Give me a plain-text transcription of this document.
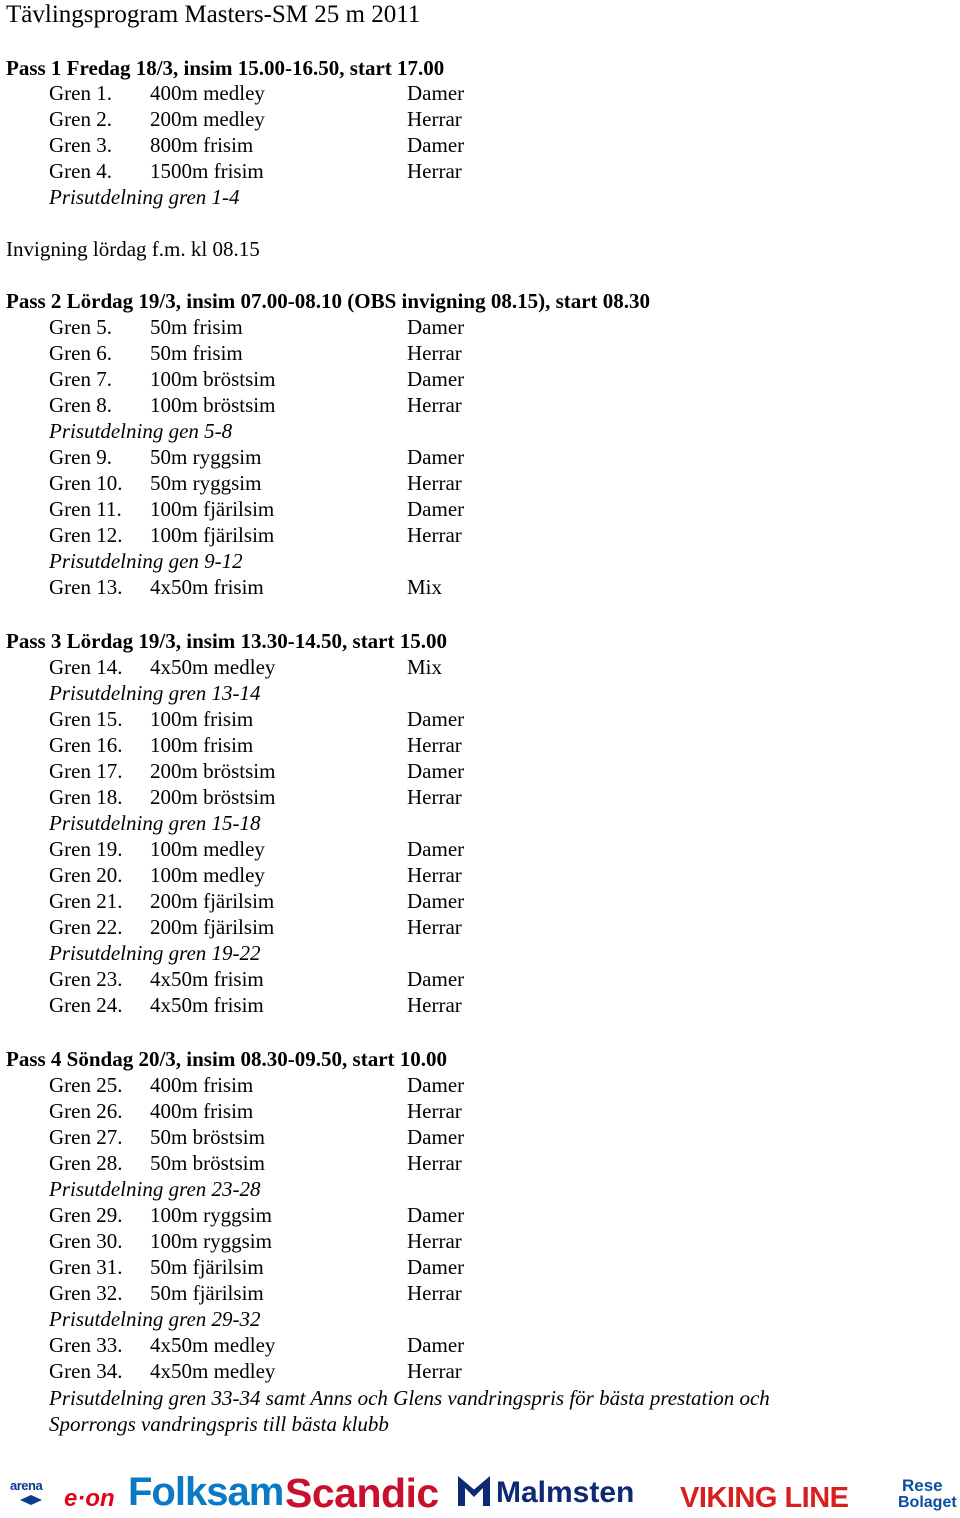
Tävlingsprogram Masters-SM 25 m 2011
Pass 1 Fredag 18/3, insim 15.00-16.50, start 17.00
Gren 1. 400m medley	Damer
Gren 2. 200m medley	Herrar
Gren 3. 800m frisim	Damer
Gren 4. 1500m frisim	Herrar
Prisutdelning gren 1-4
Invigning lördag f.m. kl 08.15
Pass 2 Lördag 19/3, insim 07.00-08.10 (OBS invigning 08.15), start 08.30
Gren 5. 50m frisim	Damer
Gren 6. 50m frisim	Herrar
Gren 7. 100m bröstsim	Damer
Gren 8. 100m bröstsim	Herrar
Prisutdelning gen 5-8
Gren 9. 50m ryggsim	Damer
Gren 10. 50m ryggsim	Herrar
Gren 11. 100m fjärilsim	Damer
Gren 12. 100m fjärilsim	Herrar
Prisutdelning gen 9-12
Gren 13. 4x50m frisim	Mix
Pass 3 Lördag 19/3, insim 13.30-14.50, start 15.00
Gren 14. 4x50m medley	Mix
Prisutdelning gren 13-14
Gren 15. 100m frisim	Damer
Gren 16. 100m frisim	Herrar
Gren 17. 200m bröstsim	Damer
Gren 18. 200m bröstsim	Herrar
Prisutdelning gren 15-18
Gren 19. 100m medley	Damer
Gren 20. 100m medley	Herrar
Gren 21. 200m fjärilsim	Damer
Gren 22. 200m fjärilsim	Herrar
Prisutdelning gren 19-22
Gren 23. 4x50m frisim	Damer
Gren 24. 4x50m frisim	Herrar
Pass 4 Söndag 20/3, insim 08.30-09.50, start 10.00
Gren 25. 400m frisim	Damer
Gren 26. 400m frisim	Herrar
Gren 27. 50m bröstsim	Damer
Gren 28. 50m bröstsim	Herrar
Prisutdelning gren 23-28
Gren 29. 100m ryggsim	Damer
Gren 30. 100m ryggsim	Herrar
Gren 31. 50m fjärilsim	Damer
Gren 32. 50m fjärilsim	Herrar
Prisutdelning gren 29-32
Gren 33. 4x50m medley	Damer
Gren 34. 4x50m medley	Herrar
Prisutdelning gren 33-34 samt Anns och Glens vandringspris för bästa prestation och
Sporrongs vandringspris till bästa klubb
arena e·on Folksam Scandic	Malmsten VIKING LINE	Rese
Bolaget
